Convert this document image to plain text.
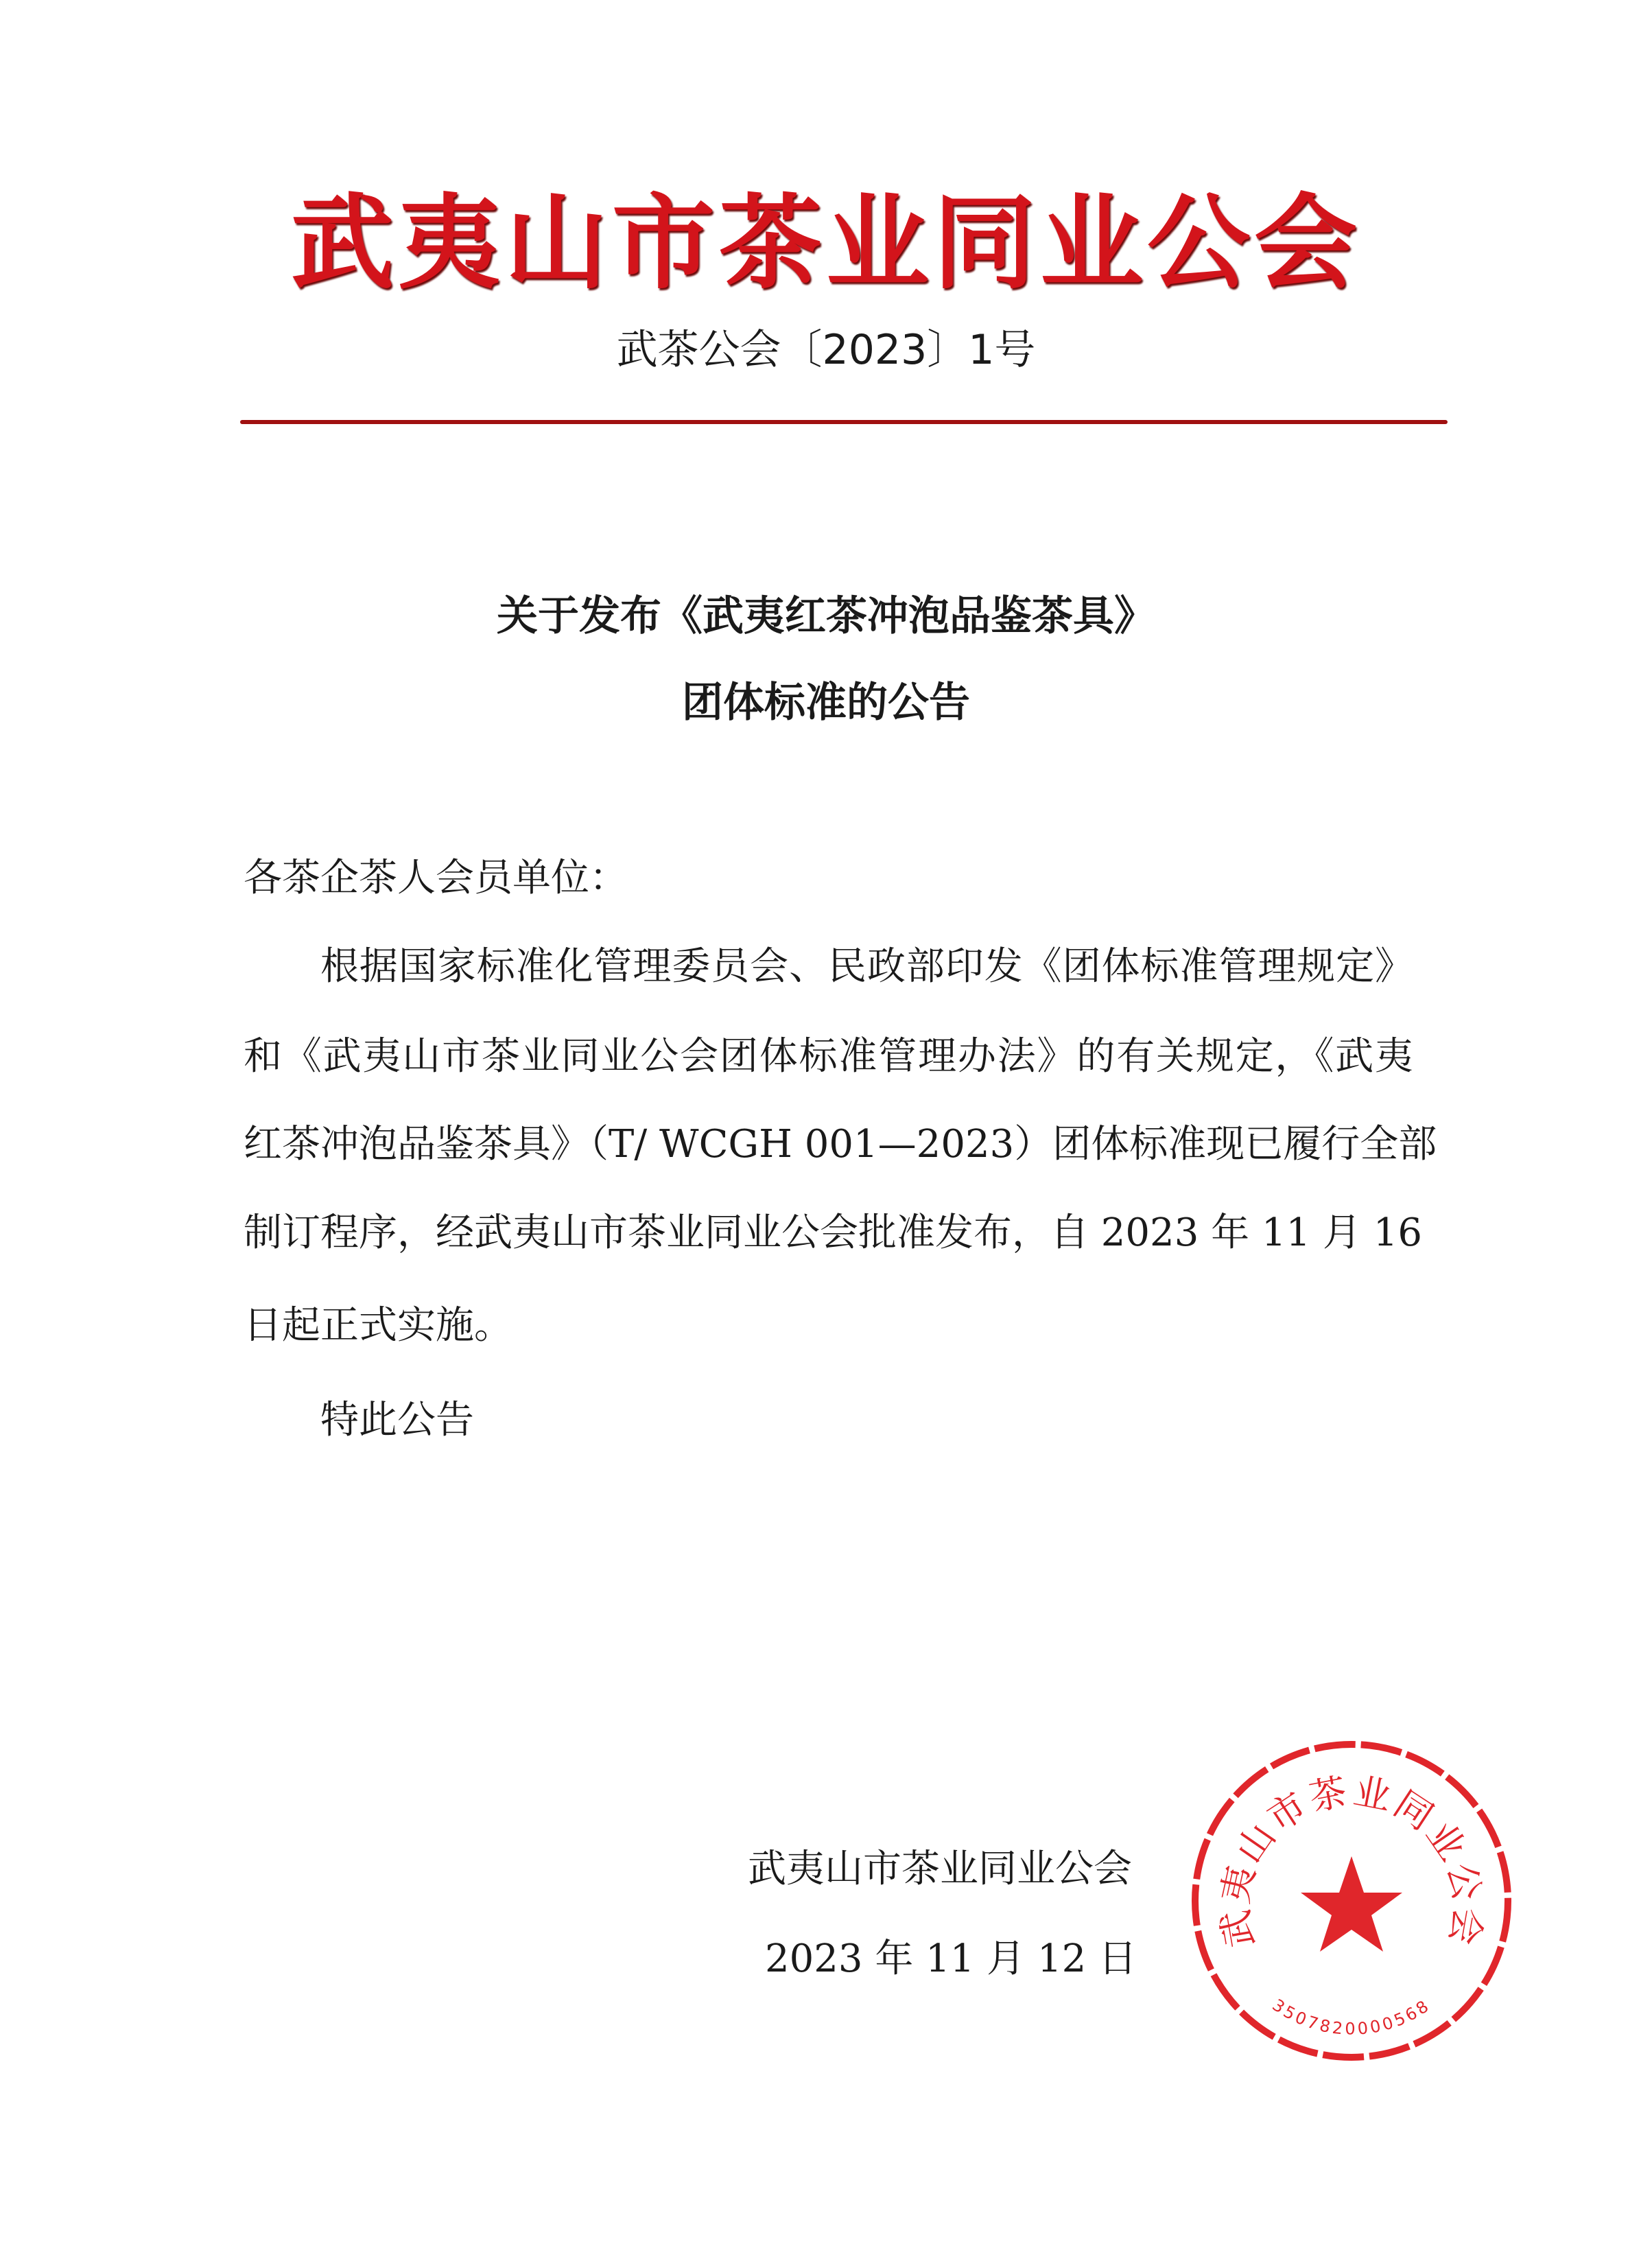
武夷山市茶业同业公会
武茶公会〔2023〕1号
关于发布《武夷红茶冲泡品鉴茶具》
团体标准的公告
各茶企茶人会员单位：
根据国家标准化管理委员会、民政部印发《团体标准管理规定》
和《武夷山市茶业同业公会团体标准管理办法》的有关规定，《武夷
红茶冲泡品鉴茶具》（T/ WCGH 001—2023）团体标准现已履行全部
制订程序，经武夷山市茶业同业公会批准发布，自 2023 年 11 月 16
日起正式实施。
特此公告
武夷山市茶业同业公会
2023 年 11 月 12 日
武夷山市茶业同业公会
3507820000568
